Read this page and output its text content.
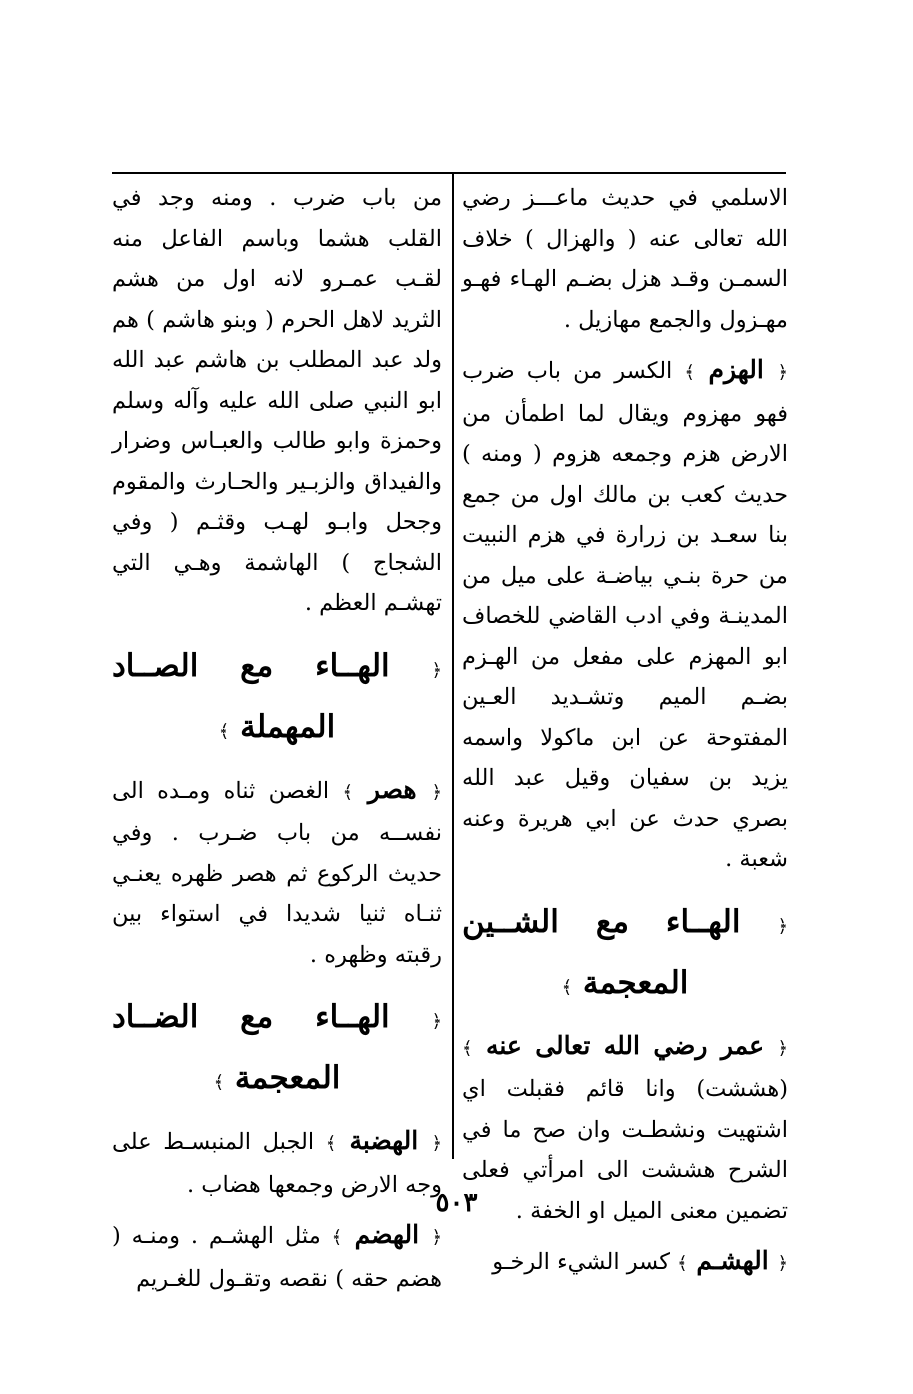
الاسلمي في حديث ماعـــز رضي الله تعالى عنه ( والهزال ) خلاف السمـن وقـد هزل بضـم الهـاء فهـو مهـزول والجمع مهازيل .

﴿ الهزم ﴾ الكسر من باب ضرب فهو مهزوم ويقال لما اطمأن من الارض هزم وجمعه هزوم ( ومنه ) حديث كعب بن مالك اول من جمع بنا سعـد بن زرارة في هزم النبيت من حرة بنـي بياضـة على ميل من المدينـة وفي ادب القاضي للخصاف ابو المهزم على مفعل من الهـزم بضـم الميم وتشـديد العـين المفتوحة عن ابن ماكولا واسمه يزيد بن سفيان وقيل عبد الله بصري حدث عن ابي هريرة وعنه شعبة .

﴿ الهــاء مع الشــين
المعجمة ﴾

﴿ عمر رضي الله تعالى عنه ﴾ (هششت) وانا قائم فقبلت اي اشتهيت ونشطـت وان صح ما في الشرح هششت الى امرأتي فعلى تضمين معنى الميل او الخفة .

﴿ الهشـم ﴾ كسر الشيء الرخـو

من باب ضرب . ومنه وجد في القلب هشما وباسم الفاعل منه لقـب عمـرو لانه اول من هشم الثريد لاهل الحرم ( وبنو هاشم ) هم ولد عبد المطلب بن هاشم عبد الله ابو النبي صلى الله عليه وآله وسلم وحمزة وابو طالب والعبـاس وضرار والفيداق والزبـير والحـارث والمقوم وجحل وابـو لهـب وقثـم ( وفي الشجاج ) الهاشمة وهـي التي تهشـم العظم .

﴿ الهــاء مع الصــاد
المهملة ﴾

﴿ هصر ﴾ الغصن ثناه ومـده الى نفســه من باب ضـرب . وفي حديث الركوع ثم هصر ظهره يعنـي ثنـاه ثنيا شديدا في استواء بين رقبته وظهره .

﴿ الهــاء مع الضــاد
المعجمة ﴾

﴿ الهضبة ﴾ الجبل المنبسـط على وجه الارض وجمعها هضاب .

﴿ الهضم ﴾ مثل الهشـم . ومنـه ( هضم حقه ) نقصه وتقـول للغـريم

٥٠٣
